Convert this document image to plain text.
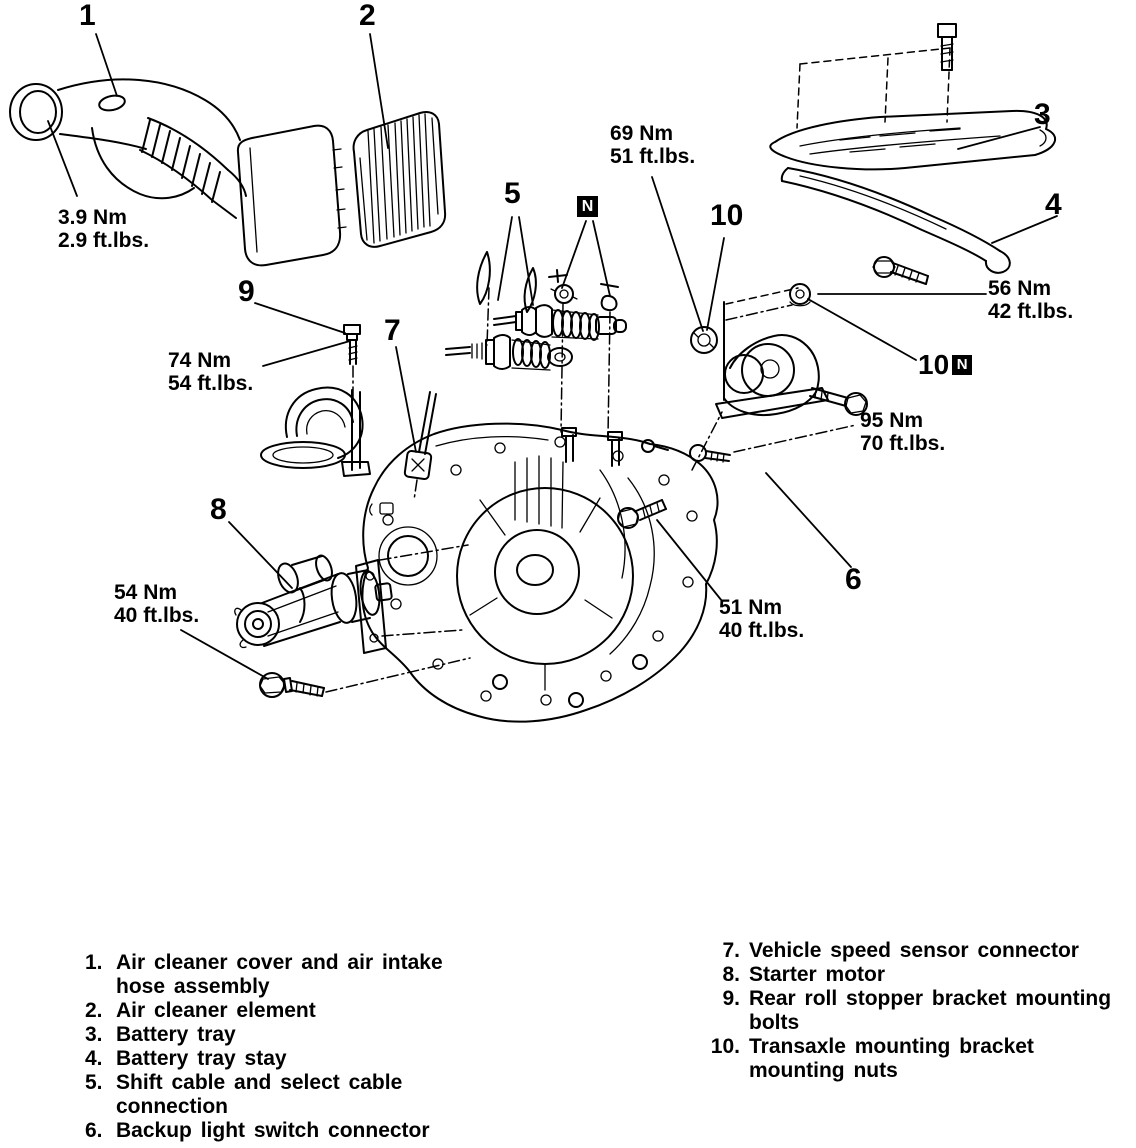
1	2
3
4
5
6
7
8
9
10
N
10 N
3.9 Nm
2.9 ft.lbs.
69 Nm
51 ft.lbs.
74 Nm
54 ft.lbs.
56 Nm
42 ft.lbs.
95 Nm
70 ft.lbs.
54 Nm
40 ft.lbs.	51 Nm
40 ft.lbs.
1. Air cleaner cover and air intake
hose assembly
2. Air cleaner element
3. Battery tray
4. Battery tray stay
5. Shift cable and select cable
connection
6. Backup light switch connector
7. Vehicle speed sensor connector
8. Starter motor
9. Rear roll stopper bracket mounting
bolts
10. Transaxle mounting bracket
mounting nuts
